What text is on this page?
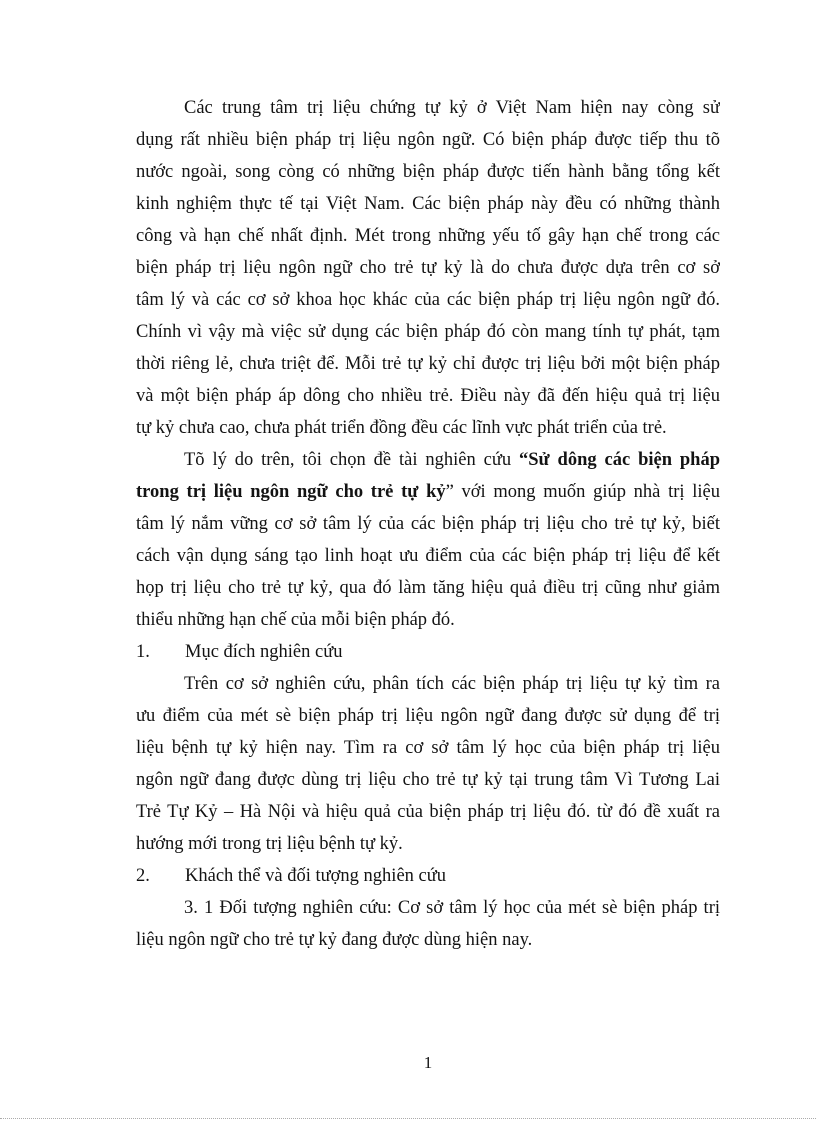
Các trung tâm trị liệu chứng tự kỷ ở Việt Nam hiện nay còng sử
dụng rất nhiều biện pháp trị liệu ngôn ngữ. Có biện pháp được tiếp thu tõ
nước ngoài, song còng có những biện pháp được tiến hành bằng tổng kết
kinh nghiệm thực tế tại Việt Nam. Các biện pháp này đều có những thành
công và hạn chế nhất định. Mét trong những yếu tố gây hạn chế trong các
biện pháp trị liệu ngôn ngữ cho trẻ tự kỷ là do chưa được dựa trên cơ sở
tâm lý và các cơ sở khoa học khác của các biện pháp trị liệu ngôn ngữ đó.
Chính vì vậy mà việc sử dụng các biện pháp đó còn mang tính tự phát, tạm
thời riêng lẻ, chưa triệt để. Mỗi trẻ tự kỷ chỉ được trị liệu bởi một biện pháp
và một biện pháp áp dông cho nhiều trẻ. Điều này đã đến hiệu quả trị liệu
tự kỷ chưa cao, chưa phát triển đồng đều các lĩnh vực phát triển của trẻ.
Tõ lý do trên, tôi chọn đề tài nghiên cứu “Sử dông các biện pháp
trong trị liệu ngôn ngữ cho trẻ tự kỷ” với mong muốn giúp nhà trị liệu
tâm lý nắm vững cơ sở tâm lý của các biện pháp trị liệu cho trẻ tự kỷ, biết
cách vận dụng sáng tạo linh hoạt ưu điểm của các biện pháp trị liệu để kết
họp trị liệu cho trẻ tự kỷ, qua đó làm tăng hiệu quả điều trị cũng như giảm
thiểu những hạn chế của mỗi biện pháp đó.
1. Mục đích nghiên cứu
Trên cơ sở nghiên cứu, phân tích các biện pháp trị liệu tự kỷ tìm ra
ưu điểm của mét sè biện pháp trị liệu ngôn ngữ đang được sử dụng để trị
liệu bệnh tự kỷ hiện nay. Tìm ra cơ sở tâm lý học của biện pháp trị liệu
ngôn ngữ đang được dùng trị liệu cho trẻ tự kỷ tại trung tâm Vì Tương Lai
Trẻ Tự Kỷ – Hà Nội và hiệu quả của biện pháp trị liệu đó. từ đó đề xuất ra
hướng mới trong trị liệu bệnh tự kỷ.
2. Khách thể và đối tượng nghiên cứu
3. 1 Đối tượng nghiên cứu: Cơ sở tâm lý học của mét sè biện pháp trị
liệu ngôn ngữ cho trẻ tự kỷ đang được dùng hiện nay.
1
